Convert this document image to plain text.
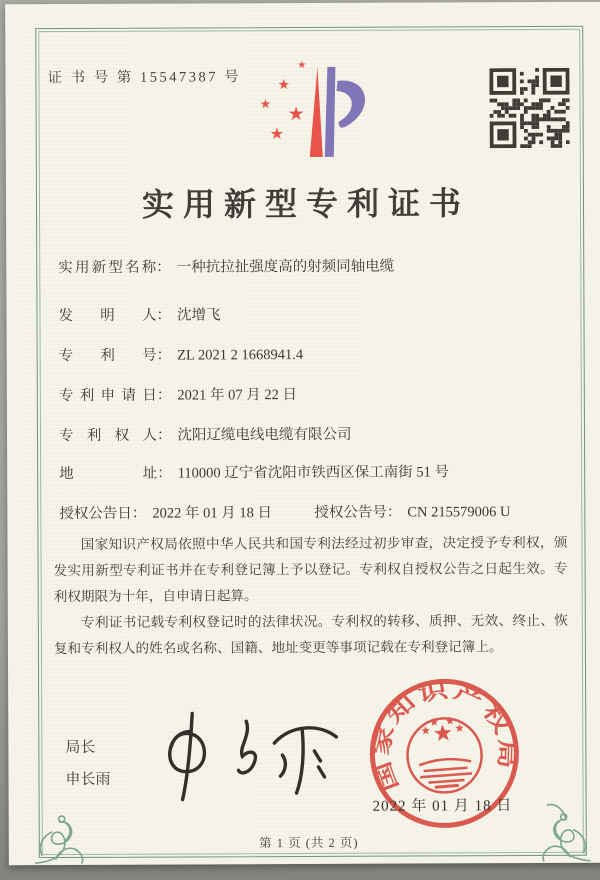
证 书 号 第 15547387 号
★
★
★
★
★
实用新型专利证书
实用新型名称： 一种抗拉扯强度高的射频同轴电缆
发明人： 沈增飞
专利号： ZL 2021 2 1668941.4
专利申请日： 2021 年 07 月 22 日
专利权人： 沈阳辽缆电线电缆有限公司
地址： 110000 辽宁省沈阳市铁西区保工南街 51 号
授权公告日： 2022 年 01 月 18 日	授权公告号： CN 215579006 U

国家知识产权局依照中华人民共和国专利法经过初步审查，决定授予专利权，颁发实用新型专利证书并在专利登记簿上予以登记。专利权自授权公告之日起生效。专利权期限为十年，自申请日起算。

专利证书记载专利权登记时的法律状况。专利权的转移、质押、无效、终止、恢复和专利权人的姓名或名称、国籍、地址变更等事项记载在专利登记簿上。

局长
申长雨	国家知识产权局
2022 年 01 月 18 日
第 1 页 (共 2 页)
